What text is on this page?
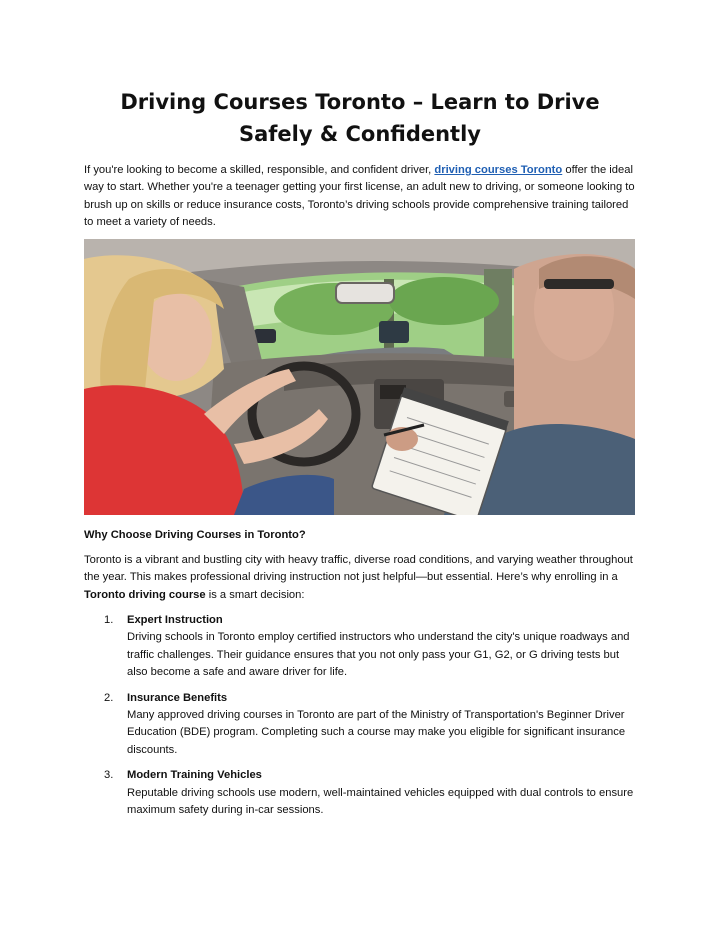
Driving Courses Toronto – Learn to Drive Safely & Confidently

If you're looking to become a skilled, responsible, and confident driver, driving courses Toronto offer the ideal way to start. Whether you're a teenager getting your first license, an adult new to driving, or someone looking to brush up on skills or reduce insurance costs, Toronto’s driving schools provide comprehensive training tailored to meet a variety of needs.

Why Choose Driving Courses in Toronto?

Toronto is a vibrant and bustling city with heavy traffic, diverse road conditions, and varying weather throughout the year. This makes professional driving instruction not just helpful—but essential. Here’s why enrolling in a Toronto driving course is a smart decision:

1. Expert Instruction
Driving schools in Toronto employ certified instructors who understand the city's unique roadways and traffic challenges. Their guidance ensures that you not only pass your G1, G2, or G driving tests but also become a safe and aware driver for life.
2. Insurance Benefits
Many approved driving courses in Toronto are part of the Ministry of Transportation's Beginner Driver Education (BDE) program. Completing such a course may make you eligible for significant insurance discounts.
3. Modern Training Vehicles
Reputable driving schools use modern, well-maintained vehicles equipped with dual controls to ensure maximum safety during in-car sessions.
